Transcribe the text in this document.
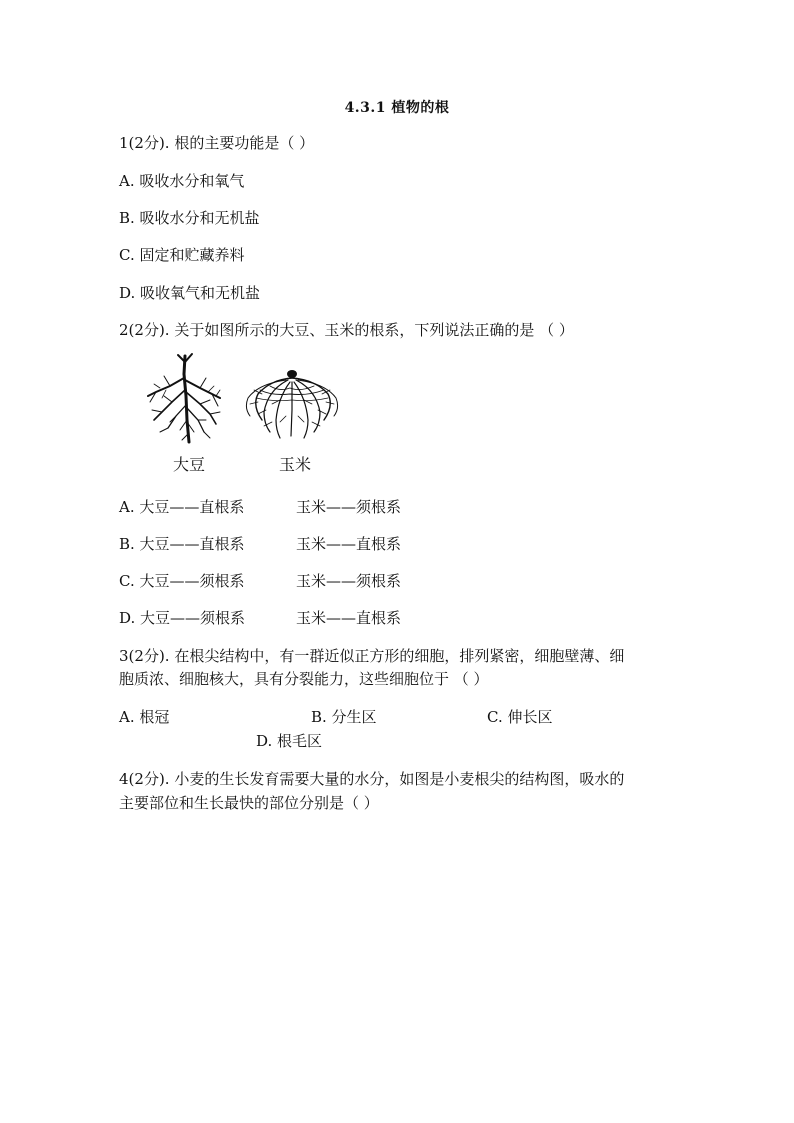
4.3.1 植物的根
1(2分). 根的主要功能是（ ）
A. 吸收水分和氧气
B. 吸收水分和无机盐
C. 固定和贮藏养料
D. 吸收氧气和无机盐
2(2分). 关于如图所示的大豆、玉米的根系，下列说法正确的是 （ ）
大豆	玉米
A. 大豆——直根系	玉米——须根系
B. 大豆——直根系	玉米——直根系
C. 大豆——须根系	玉米——须根系
D. 大豆——须根系	玉米——直根系
3(2分). 在根尖结构中，有一群近似正方形的细胞，排列紧密，细胞壁薄、细
胞质浓、细胞核大，具有分裂能力，这些细胞位于 （ ）
A. 根冠	B. 分生区	C. 伸长区
D. 根毛区
4(2分). 小麦的生长发育需要大量的水分，如图是小麦根尖的结构图，吸水的
主要部位和生长最快的部位分别是（ ）
